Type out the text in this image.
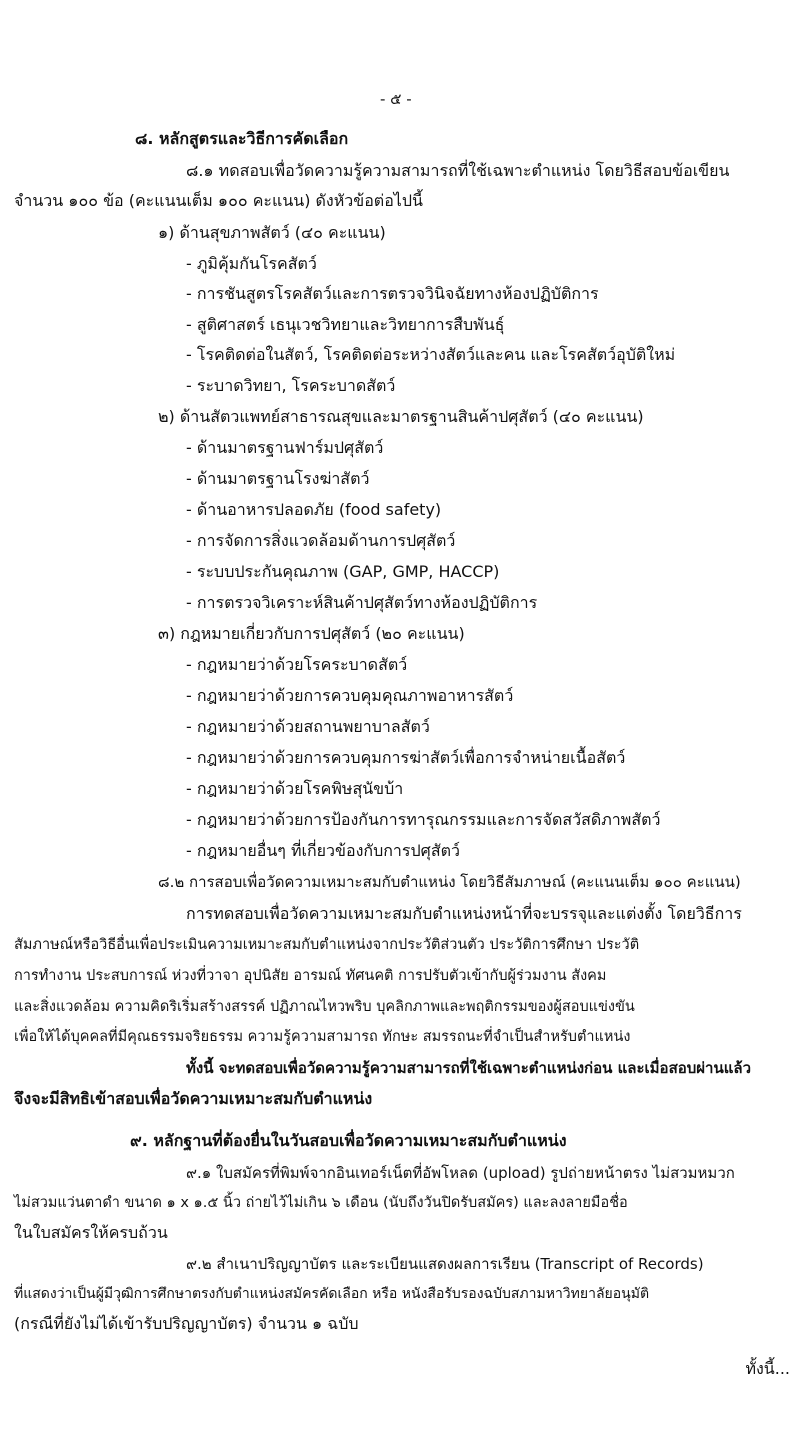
- ๕ -
๘. หลักสูตรและวิธีการคัดเลือก
๘.๑ ทดสอบเพื่อวัดความรู้ความสามารถที่ใช้เฉพาะตำแหน่ง โดยวิธีสอบข้อเขียน
จำนวน ๑๐๐ ข้อ (คะแนนเต็ม ๑๐๐ คะแนน) ดังหัวข้อต่อไปนี้
๑) ด้านสุขภาพสัตว์ (๔๐ คะแนน)
- ภูมิคุ้มกันโรคสัตว์
- การชันสูตรโรคสัตว์และการตรวจวินิจฉัยทางห้องปฏิบัติการ
- สูติศาสตร์ เธนุเวชวิทยาและวิทยาการสืบพันธุ์
- โรคติดต่อในสัตว์, โรคติดต่อระหว่างสัตว์และคน และโรคสัตว์อุบัติใหม่
- ระบาดวิทยา, โรคระบาดสัตว์
๒) ด้านสัตวแพทย์สาธารณสุขและมาตรฐานสินค้าปศุสัตว์ (๔๐ คะแนน)
- ด้านมาตรฐานฟาร์มปศุสัตว์
- ด้านมาตรฐานโรงฆ่าสัตว์
- ด้านอาหารปลอดภัย (food safety)
- การจัดการสิ่งแวดล้อมด้านการปศุสัตว์
- ระบบประกันคุณภาพ (GAP, GMP, HACCP)
- การตรวจวิเคราะห์สินค้าปศุสัตว์ทางห้องปฏิบัติการ
๓) กฎหมายเกี่ยวกับการปศุสัตว์ (๒๐ คะแนน)
- กฎหมายว่าด้วยโรคระบาดสัตว์
- กฎหมายว่าด้วยการควบคุมคุณภาพอาหารสัตว์
- กฎหมายว่าด้วยสถานพยาบาลสัตว์
- กฎหมายว่าด้วยการควบคุมการฆ่าสัตว์เพื่อการจำหน่ายเนื้อสัตว์
- กฎหมายว่าด้วยโรคพิษสุนัขบ้า
- กฎหมายว่าด้วยการป้องกันการทารุณกรรมและการจัดสวัสดิภาพสัตว์
- กฎหมายอื่นๆ ที่เกี่ยวข้องกับการปศุสัตว์
๘.๒ การสอบเพื่อวัดความเหมาะสมกับตำแหน่ง โดยวิธีสัมภาษณ์ (คะแนนเต็ม ๑๐๐ คะแนน)
การทดสอบเพื่อวัดความเหมาะสมกับตำแหน่งหน้าที่จะบรรจุและแต่งตั้ง โดยวิธีการ
สัมภาษณ์หรือวิธีอื่นเพื่อประเมินความเหมาะสมกับตำแหน่งจากประวัติส่วนตัว ประวัติการศึกษา ประวัติ
การทำงาน ประสบการณ์ ห่วงที่วาจา อุปนิสัย อารมณ์ ทัศนคติ การปรับตัวเข้ากับผู้ร่วมงาน สังคม
และสิ่งแวดล้อม ความคิดริเริ่มสร้างสรรค์ ปฏิภาณไหวพริบ บุคลิกภาพและพฤติกรรมของผู้สอบแข่งขัน
เพื่อให้ได้บุคคลที่มีคุณธรรมจริยธรรม ความรู้ความสามารถ ทักษะ สมรรถนะที่จำเป็นสำหรับตำแหน่ง
ทั้งนี้ จะทดสอบเพื่อวัดความรู้ความสามารถที่ใช้เฉพาะตำแหน่งก่อน และเมื่อสอบผ่านแล้ว
จึงจะมีสิทธิเข้าสอบเพื่อวัดความเหมาะสมกับตำแหน่ง
๙. หลักฐานที่ต้องยื่นในวันสอบเพื่อวัดความเหมาะสมกับตำแหน่ง
๙.๑ ใบสมัครที่พิมพ์จากอินเทอร์เน็ตที่อัพโหลด (upload) รูปถ่ายหน้าตรง ไม่สวมหมวก
ไม่สวมแว่นตาดำ ขนาด ๑ x ๑.๕ นิ้ว ถ่ายไว้ไม่เกิน ๖ เดือน (นับถึงวันปิดรับสมัคร) และลงลายมือชื่อ
ในใบสมัครให้ครบถ้วน
๙.๒ สำเนาปริญญาบัตร และระเบียนแสดงผลการเรียน (Transcript of Records)
ที่แสดงว่าเป็นผู้มีวุฒิการศึกษาตรงกับตำแหน่งสมัครคัดเลือก หรือ หนังสือรับรองฉบับสภามหาวิทยาลัยอนุมัติ
(กรณีที่ยังไม่ได้เข้ารับปริญญาบัตร) จำนวน ๑ ฉบับ
ทั้งนี้...
